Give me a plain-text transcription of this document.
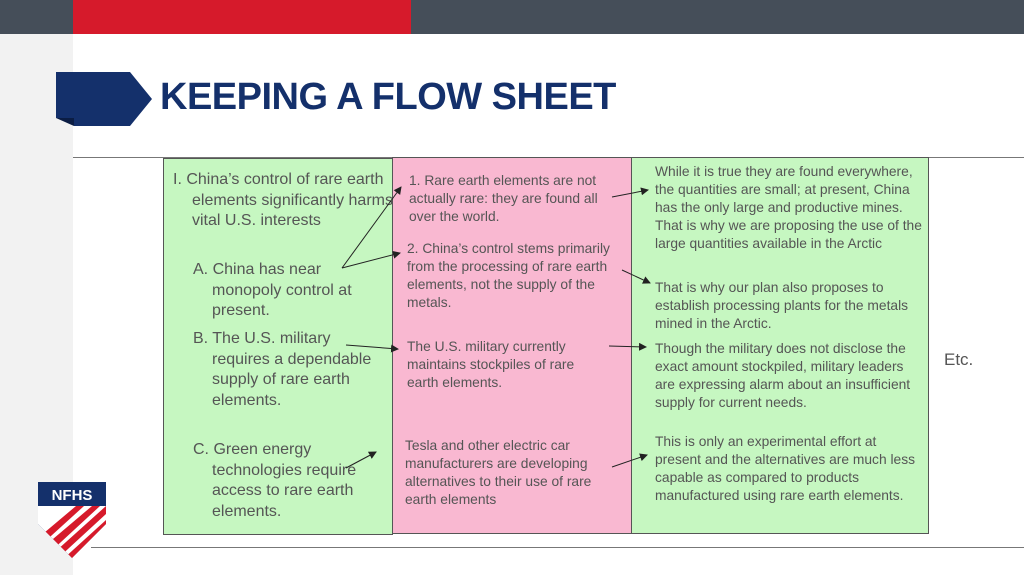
KEEPING A FLOW SHEET
I. China’s control of rare earth elements significantly harms vital U.S. interests
A. China has near monopoly control at present.
B. The U.S. military requires a dependable supply of rare earth elements.
C. Green energy technologies require access to rare earth elements.
1. Rare earth elements are not actually rare: they are found all over the world.
2. China’s control stems primarily from the processing of rare earth elements, not the supply of the metals.
The U.S. military currently maintains stockpiles of rare earth elements.
Tesla and other electric car manufacturers are developing alternatives to their use of rare earth elements
While it is true they are found everywhere, the quantities are small; at present, China has the only large and productive mines. That is why we are proposing the use of the large quantities available in the Arctic
That is why our plan also proposes to establish processing plants for the metals mined in the Arctic.
Though the military does not disclose the exact amount stockpiled, military leaders are expressing alarm about an insufficient supply for current needs.
This is only an experimental effort at present and the alternatives are much less capable as compared to products manufactured using rare earth elements.
Etc.
NFHS
